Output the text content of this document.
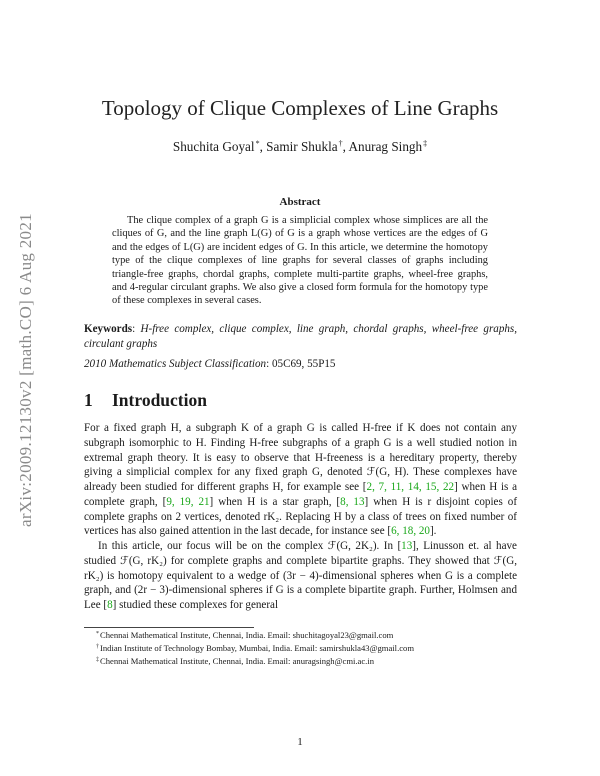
arXiv:2009.12130v2 [math.CO] 6 Aug 2021
Topology of Clique Complexes of Line Graphs
Shuchita Goyal*, Samir Shukla†, Anurag Singh‡
Abstract
The clique complex of a graph G is a simplicial complex whose simplices are all the cliques of G, and the line graph L(G) of G is a graph whose vertices are the edges of G and the edges of L(G) are incident edges of G. In this article, we determine the homotopy type of the clique complexes of line graphs for several classes of graphs including triangle-free graphs, chordal graphs, complete multi-partite graphs, wheel-free graphs, and 4-regular circulant graphs. We also give a closed form formula for the homotopy type of these complexes in several cases.
Keywords: H-free complex, clique complex, line graph, chordal graphs, wheel-free graphs, circulant graphs
2010 Mathematics Subject Classification: 05C69, 55P15
1 Introduction

For a fixed graph H, a subgraph K of a graph G is called H-free if K does not contain any subgraph isomorphic to H. Finding H-free subgraphs of a graph G is a well studied notion in extremal graph theory. It is easy to observe that H-freeness is a hereditary property, thereby giving a simplicial complex for any fixed graph G, denoted ℱ(G, H). These complexes have already been studied for different graphs H, for example see [2, 7, 11, 14, 15, 22] when H is a complete graph, [9, 19, 21] when H is a star graph, [8, 13] when H is r disjoint copies of complete graphs on 2 vertices, denoted rK₂. Replacing H by a class of trees on fixed number of vertices has also gained attention in the last decade, for instance see [6, 18, 20].

In this article, our focus will be on the complex ℱ(G, 2K₂). In [13], Linusson et. al have studied ℱ(G, rK₂) for complete graphs and complete bipartite graphs. They showed that ℱ(G, rK₂) is homotopy equivalent to a wedge of (3r − 4)-dimensional spheres when G is a complete graph, and (2r − 3)-dimensional spheres if G is a complete bipartite graph. Further, Holmsen and Lee [8] studied these complexes for general

*Chennai Mathematical Institute, Chennai, India. Email: shuchitagoyal23@gmail.com
†Indian Institute of Technology Bombay, Mumbai, India. Email: samirshukla43@gmail.com
‡Chennai Mathematical Institute, Chennai, India. Email: anuragsingh@cmi.ac.in
1
